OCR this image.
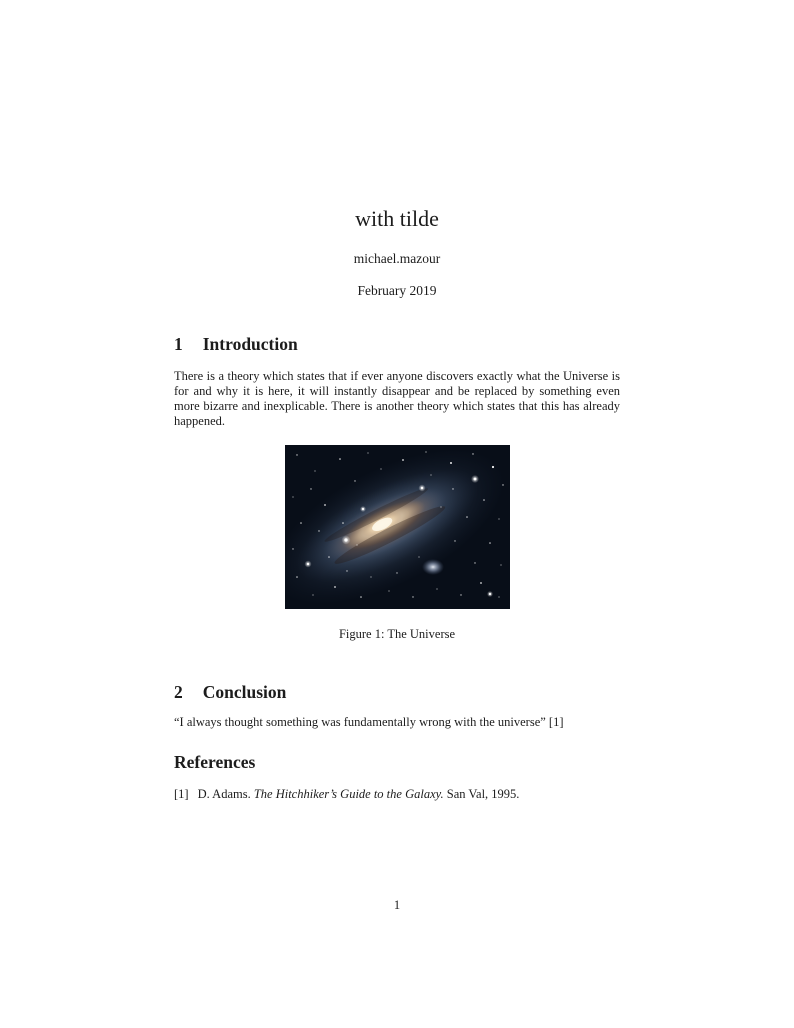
with tilde
michael.mazour
February 2019
1 Introduction

There is a theory which states that if ever anyone discovers exactly what the Universe is for and why it is here, it will instantly disappear and be replaced by something even more bizarre and inexplicable. There is another theory which states that this has already happened.

Figure 1: The Universe
2 Conclusion

“I always thought something was fundamentally wrong with the universe” [1]

References
[1] D. Adams. The Hitchhiker’s Guide to the Galaxy. San Val, 1995.
1
